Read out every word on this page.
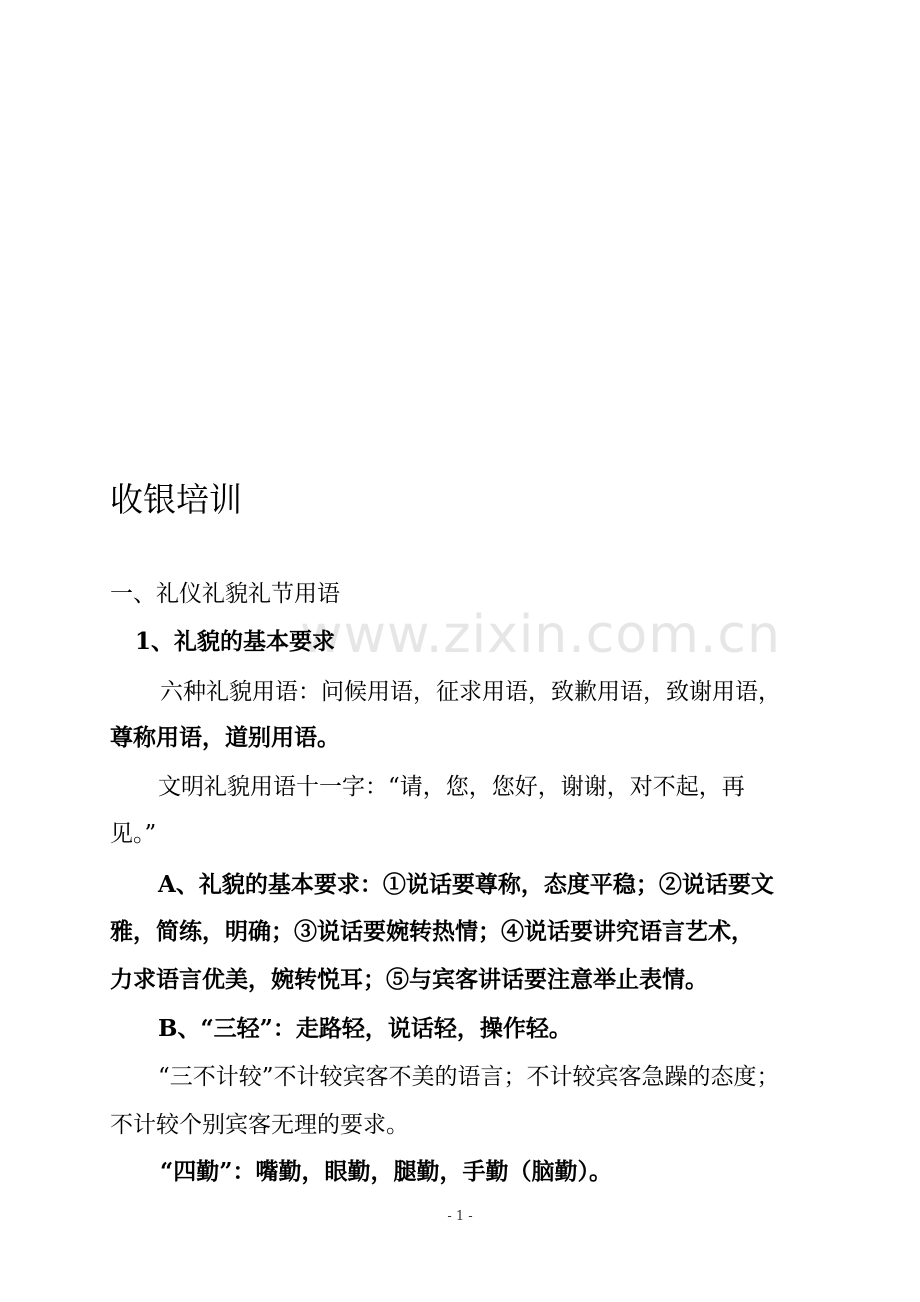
www.zixin.com.cn
收银培训
一、礼仪礼貌礼节用语
1、礼貌的基本要求
六种礼貌用语：问候用语，征求用语，致歉用语，致谢用语，
尊称用语，道别用语。
文明礼貌用语十一字：“请，您，您好，谢谢，对不起，再
见。”
A、礼貌的基本要求：①说话要尊称，态度平稳；②说话要文
雅，简练，明确；③说话要婉转热情；④说话要讲究语言艺术，
力求语言优美，婉转悦耳；⑤与宾客讲话要注意举止表情。
B、“三轻”：走路轻，说话轻，操作轻。
“三不计较”不计较宾客不美的语言；不计较宾客急躁的态度；
不计较个别宾客无理的要求。
“四勤”：嘴勤，眼勤，腿勤，手勤（脑勤）。
- 1 -
